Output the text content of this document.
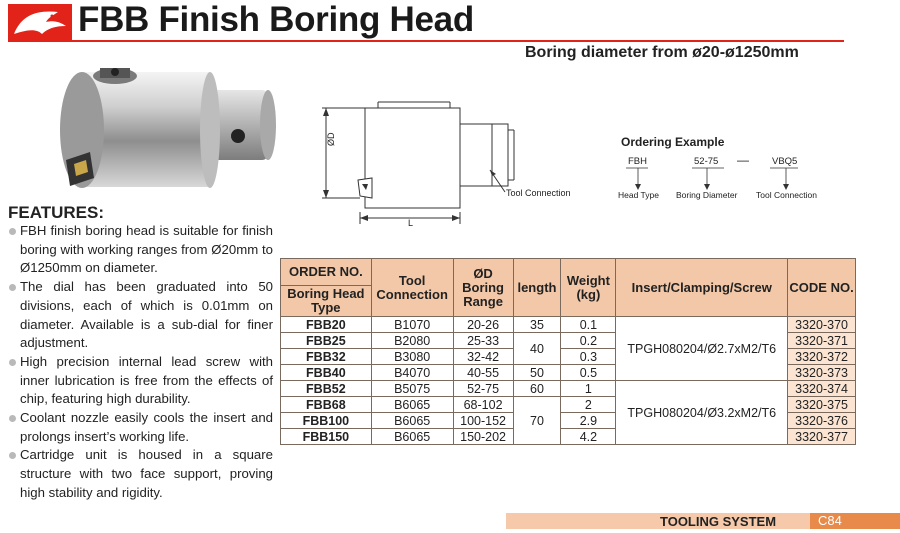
FBB Finish Boring Head
Boring diameter from ø20-ø1250mm
ØD
L
Tool Connection
Ordering Example
FBH	52-75 — VBQ5
Head Type Boring Diameter Tool Connection
FEATURES:
FBH finish boring head is suitable for finish boring with working ranges from Ø20mm to Ø1250mm on diameter.
The dial has been graduated into 50 divisions, each of which is 0.01mm on diameter. Available is a sub-dial for finer adjustment.
High precision internal lead screw with inner lubrication is free from the effects of chip, featuring high durability.
Coolant nozzle easily cools the insert and prolongs insert’s working life.
Cartridge unit is housed in a square structure with two face support, proving high stability and rigidity.
ORDER NO.	Tool Connection	ØD
Boring Range	length	Weight (kg)	Insert/Clamping/Screw	CODE NO.
Boring Head Type						
FBB20	B1070	20-26	35	0.1	TPGH080204/Ø2.7xM2/T6	3320-370
FBB25	B2080	25-33	40	0.2		3320-371
FBB32	B3080	32-42		0.3		3320-372
FBB40	B4070	40-55	50	0.5		3320-373
FBB52	B5075	52-75	60	1	TPGH080204/Ø3.2xM2/T6	3320-374
FBB68	B6065	68-102	70	2		3320-375
FBB100	B6065	100-152		2.9		3320-376
FBB150	B6065	150-202		4.2		3320-377
TOOLING SYSTEM	C84
